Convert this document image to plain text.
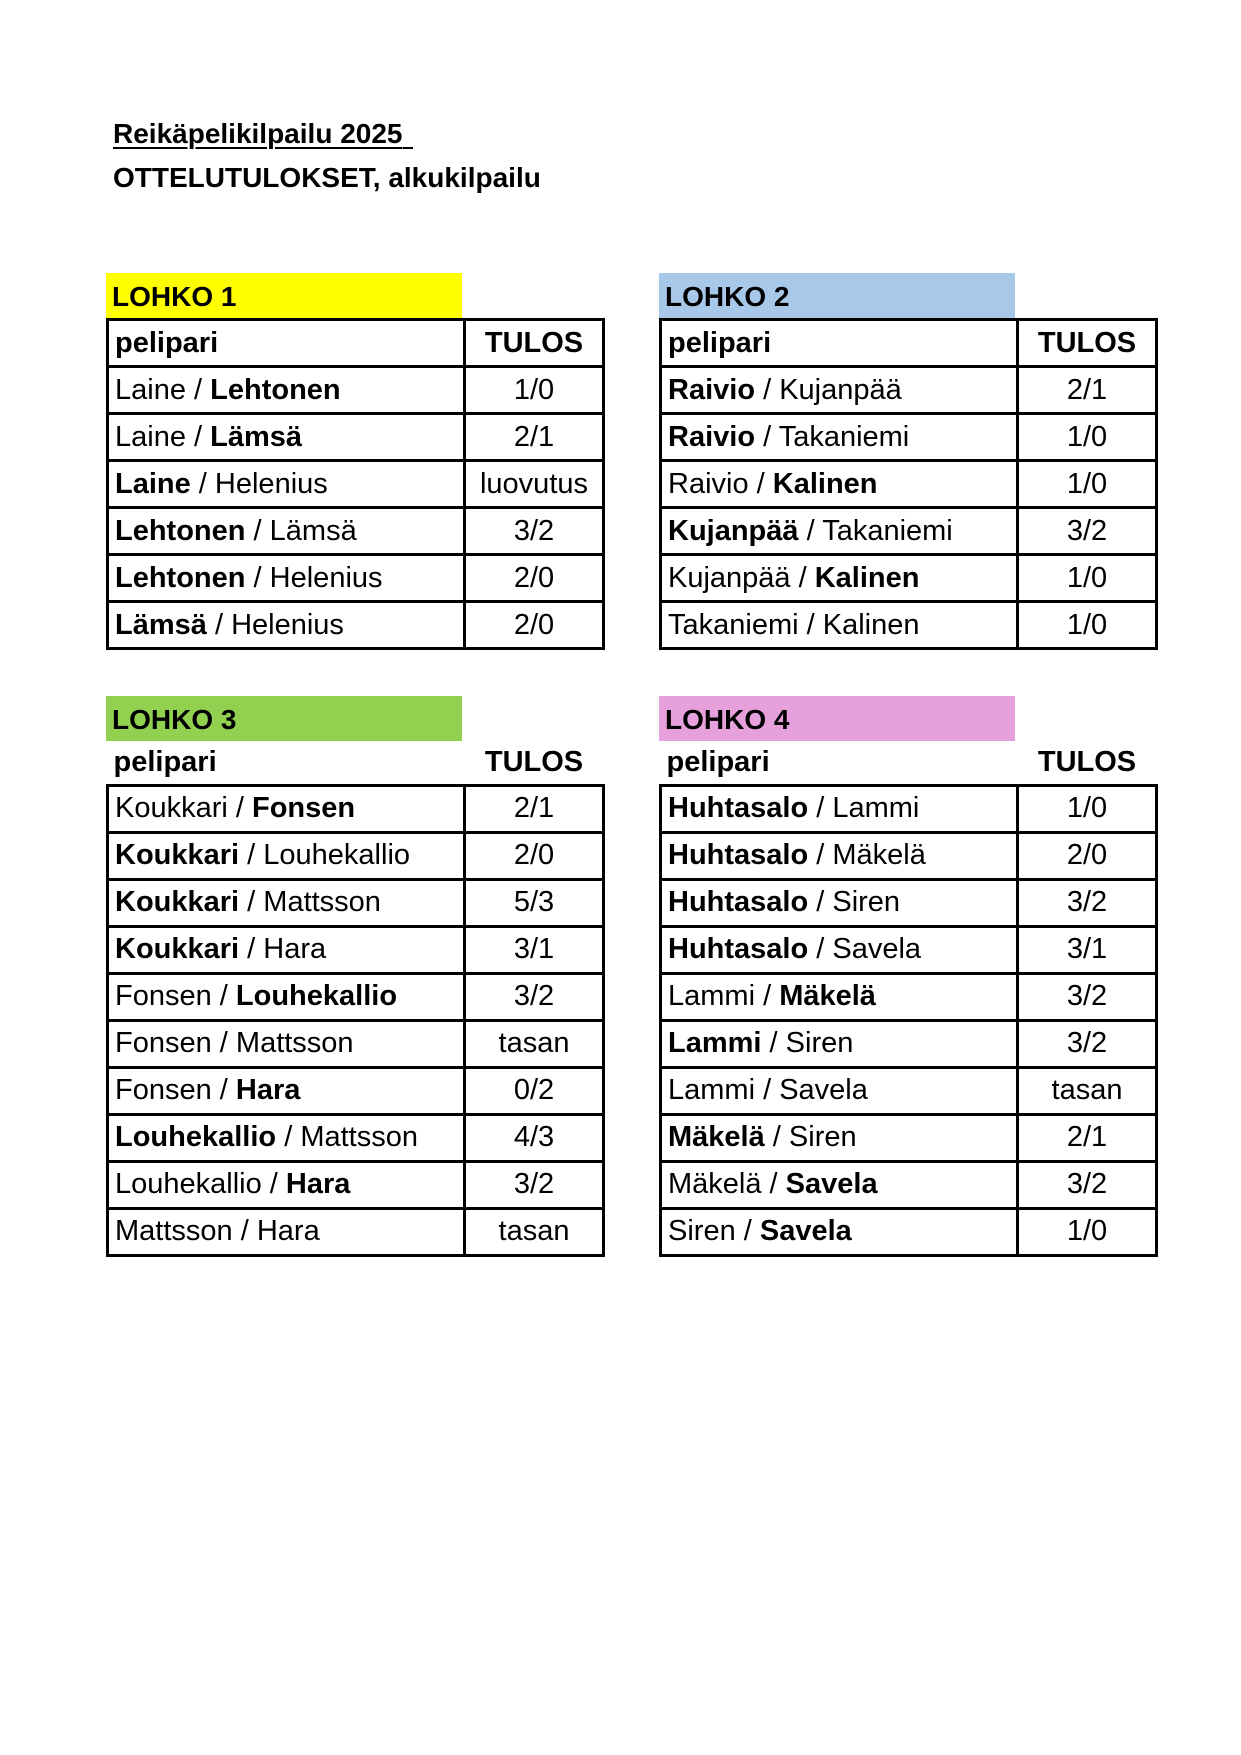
Reikäpelikilpailu 2025
OTTELUTULOKSET, alkukilpailu
LOHKO 1
pelipari	TULOS
Laine / Lehtonen	1/0
Laine / Lämsä	2/1
Laine / Helenius	luovutus
Lehtonen / Lämsä	3/2
Lehtonen / Helenius	2/0
Lämsä / Helenius	2/0
LOHKO 2
pelipari	TULOS
Raivio / Kujanpää	2/1
Raivio / Takaniemi	1/0
Raivio / Kalinen	1/0
Kujanpää / Takaniemi	3/2
Kujanpää / Kalinen	1/0
Takaniemi / Kalinen	1/0
LOHKO 3
pelipari	TULOS
Koukkari / Fonsen	2/1
Koukkari / Louhekallio	2/0
Koukkari / Mattsson	5/3
Koukkari / Hara	3/1
Fonsen / Louhekallio	3/2
Fonsen / Mattsson	tasan
Fonsen / Hara	0/2
Louhekallio / Mattsson	4/3
Louhekallio / Hara	3/2
Mattsson / Hara	tasan
LOHKO 4
pelipari	TULOS
Huhtasalo / Lammi	1/0
Huhtasalo / Mäkelä	2/0
Huhtasalo / Siren	3/2
Huhtasalo / Savela	3/1
Lammi / Mäkelä	3/2
Lammi / Siren	3/2
Lammi / Savela	tasan
Mäkelä / Siren	2/1
Mäkelä / Savela	3/2
Siren / Savela	1/0
